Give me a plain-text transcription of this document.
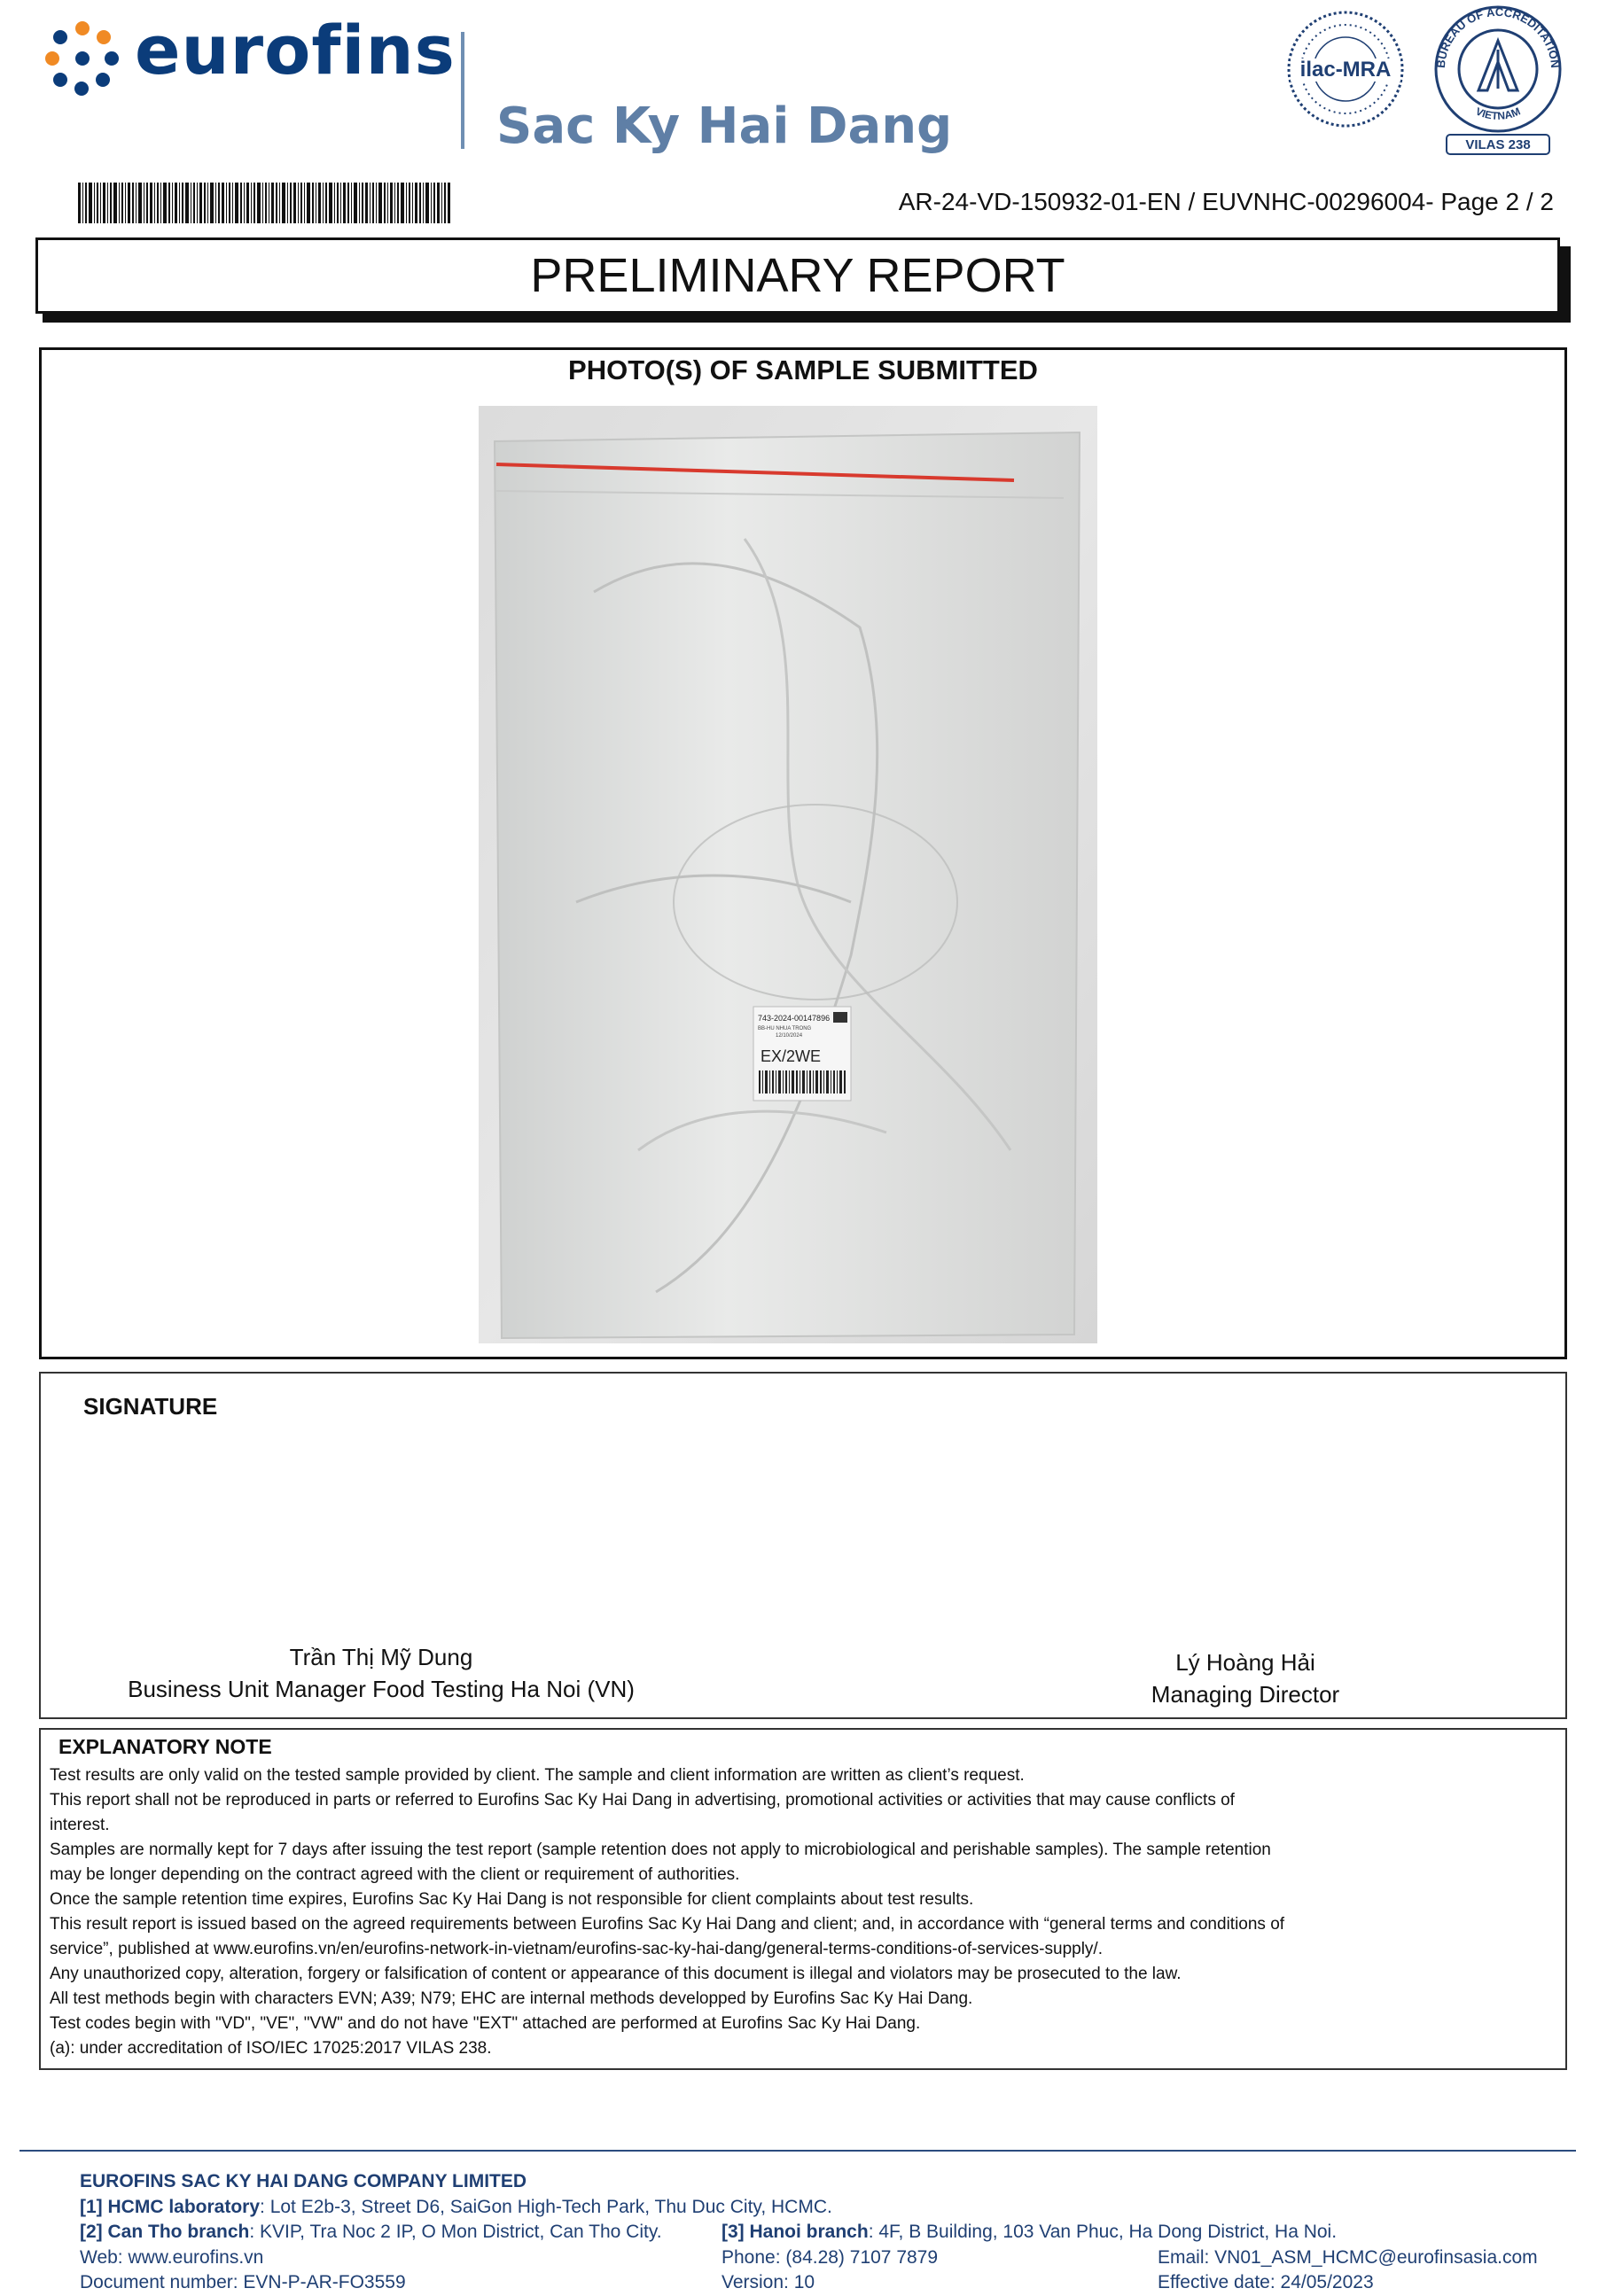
eurofins
Sac Ky Hai Dang
ilac-MRA	BUREAU OF ACCREDITATION
VIETNAM
VILAS 238
AR-24-VD-150932-01-EN / EUVNHC-00296004- Page 2 / 2
PRELIMINARY REPORT
PHOTO(S) OF SAMPLE SUBMITTED
743-2024-00147896
BB-HU NHUA TRONG
12/10/2024
EX/2WE
SIGNATURE
Trần Thị Mỹ Dung
Business Unit Manager Food Testing Ha Noi (VN)
Lý Hoàng Hải
Managing Director
EXPLANATORY NOTE
Test results are only valid on the tested sample provided by client. The sample and client information are written as client’s request.
This report shall not be reproduced in parts or referred to Eurofins Sac Ky Hai Dang in advertising, promotional activities or activities that may cause conflicts of
interest.
Samples are normally kept for 7 days after issuing the test report (sample retention does not apply to microbiological and perishable samples). The sample retention
may be longer depending on the contract agreed with the client or requirement of authorities.
Once the sample retention time expires, Eurofins Sac Ky Hai Dang is not responsible for client complaints about test results.
This result report is issued based on the agreed requirements between Eurofins Sac Ky Hai Dang and client; and, in accordance with “general terms and conditions of
service”, published at www.eurofins.vn/en/eurofins-network-in-vietnam/eurofins-sac-ky-hai-dang/general-terms-conditions-of-services-supply/.
Any unauthorized copy, alteration, forgery or falsification of content or appearance of this document is illegal and violators may be prosecuted to the law.
All test methods begin with characters EVN; A39; N79; EHC are internal methods developped by Eurofins Sac Ky Hai Dang.
Test codes begin with "VD", "VE", "VW" and do not have "EXT" attached are performed at Eurofins Sac Ky Hai Dang.
(a): under accreditation of ISO/IEC 17025:2017 VILAS 238.
EUROFINS SAC KY HAI DANG COMPANY LIMITED
[1] HCMC laboratory: Lot E2b-3, Street D6, SaiGon High-Tech Park, Thu Duc City, HCMC.
[2] Can Tho branch: KVIP, Tra Noc 2 IP, O Mon District, Can Tho City.	[3] Hanoi branch: 4F, B Building, 103 Van Phuc, Ha Dong District, Ha Noi.
Web: www.eurofins.vn	Phone: (84.28) 7107 7879	Email: VN01_ASM_HCMC@eurofinsasia.com
Document number: EVN-P-AR-FO3559	Version: 10	Effective date: 24/05/2023
